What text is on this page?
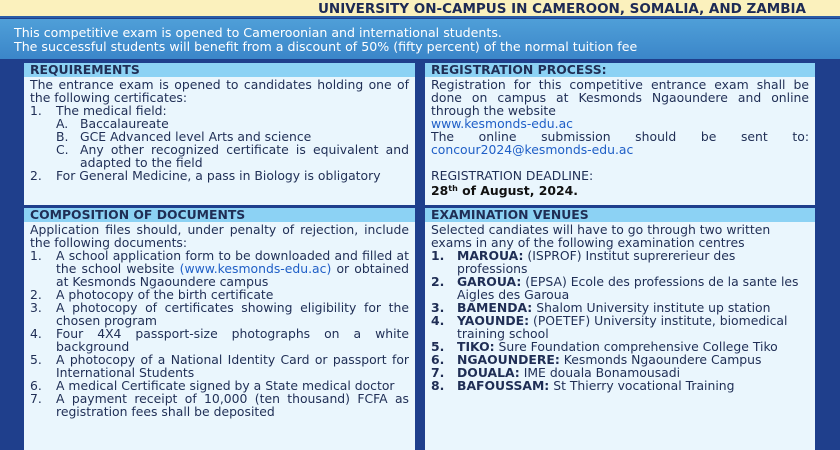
UNIVERSITY ON-CAMPUS IN CAMEROON, SOMALIA, AND ZAMBIA
This competitive exam is opened to Cameroonian and international students.
The successful students will benefit from a discount of 50% (fifty percent) of the normal tuition fee
REQUIREMENTS
The entrance exam is opened to candidates holding one of the following certificates:
1.	The medical field:
A. Baccalaureate
B. GCE Advanced level Arts and science
C. Any other recognized certificate is equivalent and adapted to the field
2.	For General Medicine, a pass in Biology is obligatory
REGISTRATION PROCESS:
Registration for this competitive entrance exam shall be done on campus at Kesmonds Ngaoundere and online through the website
www.kesmonds-edu.ac
The online submission should be sent to:
concour2024@kesmonds-edu.ac
REGISTRATION DEADLINE:
28th of August, 2024.
COMPOSITION OF DOCUMENTS
Application files should, under penalty of rejection, include the following documents:
1.	A school application form to be downloaded and filled at the school website (www.kesmonds-edu.ac) or obtained at Kesmonds Ngaoundere campus
2.	A photocopy of the birth certificate
3.	A photocopy of certificates showing eligibility for the chosen program
4.	Four 4X4 passport-size photographs on a white background
5.	A photocopy of a National Identity Card or passport for International Students
6.	A medical Certificate signed by a State medical doctor
7.	A payment receipt of 10,000 (ten thousand) FCFA as registration fees shall be deposited
EXAMINATION VENUES
Selected candiates will have to go through two written exams in any of the following examination centres
1.	MAROUA: (ISPROF) Institut suprererieur des professions
2.	GAROUA: (EPSA) Ecole des professions de la sante les Aigles des Garoua
3.	BAMENDA: Shalom University institute up station
4.	YAOUNDE: (POETEF) University institute, biomedical training school
5.	TIKO: Sure Foundation comprehensive College Tiko
6.	NGAOUNDERE: Kesmonds Ngaoundere Campus
7.	DOUALA: IME douala Bonamousadi
8.	BAFOUSSAM: St Thierry vocational Training
